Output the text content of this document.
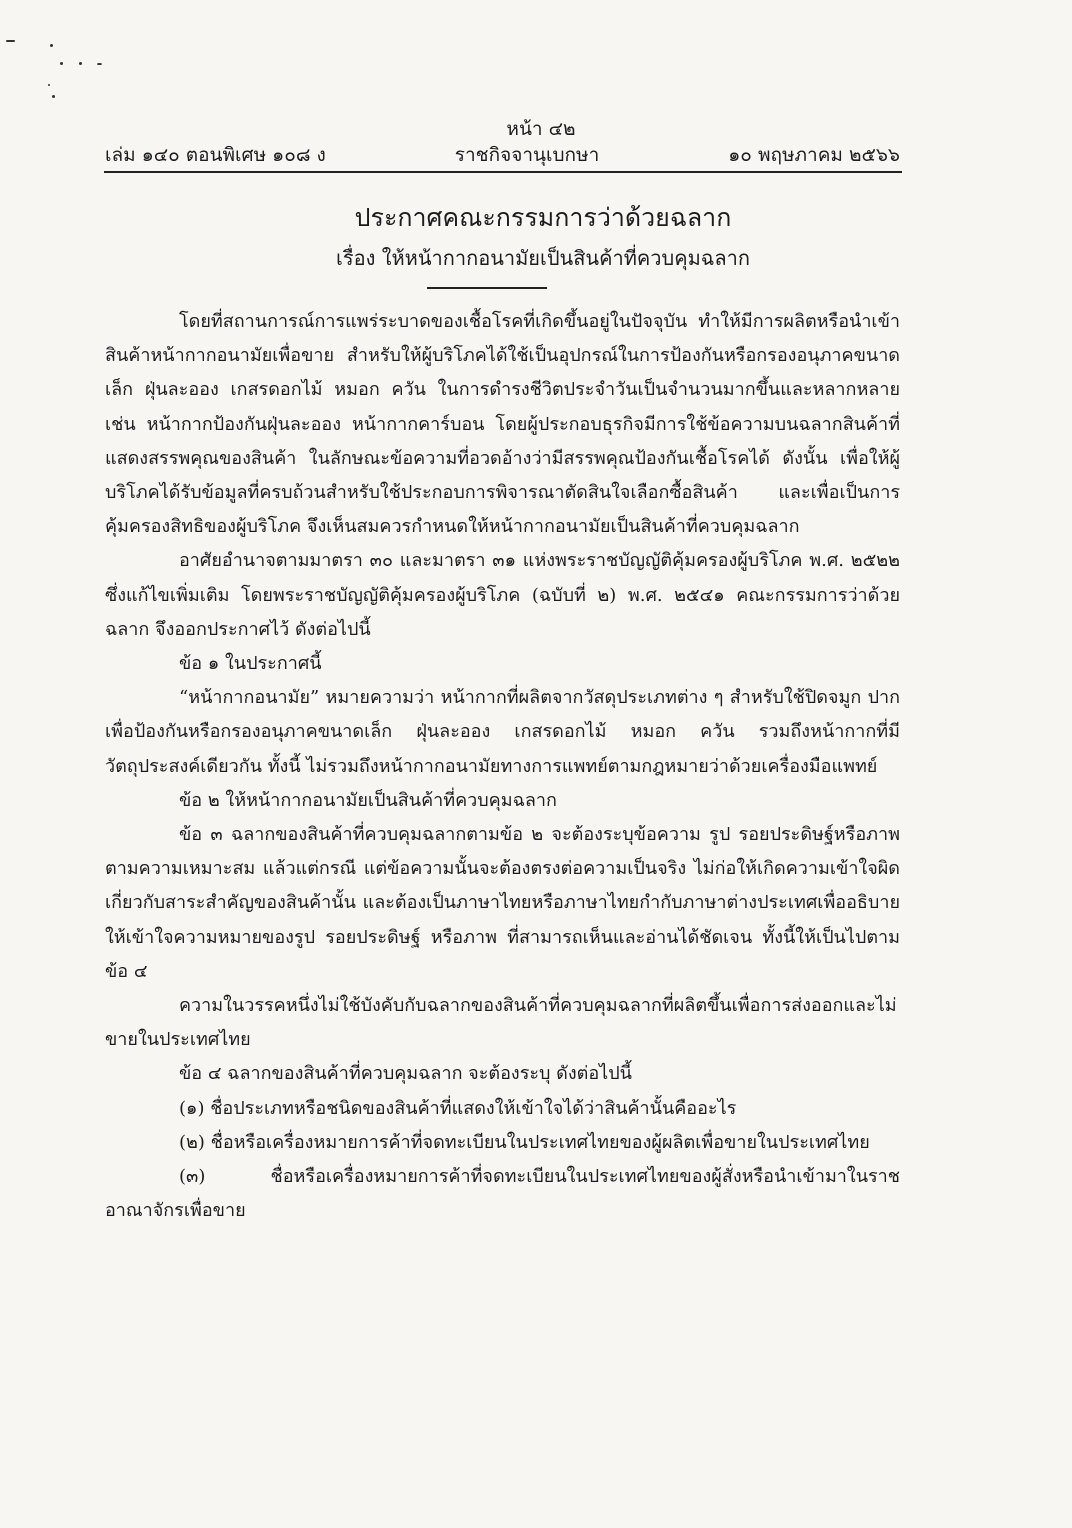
หน้า ๔๒
เล่ม ๑๔๐ ตอนพิเศษ ๑๐๘ ง	ราชกิจจานุเบกษา	๑๐ พฤษภาคม ๒๕๖๖
ประกาศคณะกรรมการว่าด้วยฉลาก
เรื่อง ให้หน้ากากอนามัยเป็นสินค้าที่ควบคุมฉลาก

โดยที่สถานการณ์การแพร่ระบาดของเชื้อโรคที่เกิดขึ้นอยู่ในปัจจุบัน ทำให้มีการผลิตหรือนำเข้าสินค้าหน้ากากอนามัยเพื่อขาย สำหรับให้ผู้บริโภคได้ใช้เป็นอุปกรณ์ในการป้องกันหรือกรองอนุภาคขนาดเล็ก ฝุ่นละออง เกสรดอกไม้ หมอก ควัน ในการดำรงชีวิตประจำวันเป็นจำนวนมากขึ้นและหลากหลาย เช่น หน้ากากป้องกันฝุ่นละออง หน้ากากคาร์บอน โดยผู้ประกอบธุรกิจมีการใช้ข้อความบนฉลากสินค้าที่แสดงสรรพคุณของสินค้า ในลักษณะข้อความที่อวดอ้างว่ามีสรรพคุณป้องกันเชื้อโรคได้ ดังนั้น เพื่อให้ผู้บริโภคได้รับข้อมูลที่ครบถ้วนสำหรับใช้ประกอบการพิจารณาตัดสินใจเลือกซื้อสินค้า และเพื่อเป็นการคุ้มครองสิทธิของผู้บริโภค จึงเห็นสมควรกำหนดให้หน้ากากอนามัยเป็นสินค้าที่ควบคุมฉลาก

อาศัยอำนาจตามมาตรา ๓๐ และมาตรา ๓๑ แห่งพระราชบัญญัติคุ้มครองผู้บริโภค พ.ศ. ๒๕๒๒ ซึ่งแก้ไขเพิ่มเติม โดยพระราชบัญญัติคุ้มครองผู้บริโภค (ฉบับที่ ๒) พ.ศ. ๒๕๔๑ คณะกรรมการว่าด้วยฉลาก จึงออกประกาศไว้ ดังต่อไปนี้

ข้อ ๑ ในประกาศนี้

“หน้ากากอนามัย” หมายความว่า หน้ากากที่ผลิตจากวัสดุประเภทต่าง ๆ สำหรับใช้ปิดจมูก ปาก เพื่อป้องกันหรือกรองอนุภาคขนาดเล็ก ฝุ่นละออง เกสรดอกไม้ หมอก ควัน รวมถึงหน้ากากที่มีวัตถุประสงค์เดียวกัน ทั้งนี้ ไม่รวมถึงหน้ากากอนามัยทางการแพทย์ตามกฎหมายว่าด้วยเครื่องมือแพทย์

ข้อ ๒ ให้หน้ากากอนามัยเป็นสินค้าที่ควบคุมฉลาก

ข้อ ๓ ฉลากของสินค้าที่ควบคุมฉลากตามข้อ ๒ จะต้องระบุข้อความ รูป รอยประดิษฐ์หรือภาพตามความเหมาะสม แล้วแต่กรณี แต่ข้อความนั้นจะต้องตรงต่อความเป็นจริง ไม่ก่อให้เกิดความเข้าใจผิดเกี่ยวกับสาระสำคัญของสินค้านั้น และต้องเป็นภาษาไทยหรือภาษาไทยกำกับภาษาต่างประเทศเพื่ออธิบายให้เข้าใจความหมายของรูป รอยประดิษฐ์ หรือภาพ ที่สามารถเห็นและอ่านได้ชัดเจน ทั้งนี้ให้เป็นไปตามข้อ ๔

ความในวรรคหนึ่งไม่ใช้บังคับกับฉลากของสินค้าที่ควบคุมฉลากที่ผลิตขึ้นเพื่อการส่งออกและไม่ขายในประเทศไทย

ข้อ ๔ ฉลากของสินค้าที่ควบคุมฉลาก จะต้องระบุ ดังต่อไปนี้

(๑) ชื่อประเภทหรือชนิดของสินค้าที่แสดงให้เข้าใจได้ว่าสินค้านั้นคืออะไร

(๒) ชื่อหรือเครื่องหมายการค้าที่จดทะเบียนในประเทศไทยของผู้ผลิตเพื่อขายในประเทศไทย

(๓) ชื่อหรือเครื่องหมายการค้าที่จดทะเบียนในประเทศไทยของผู้สั่งหรือนำเข้ามาในราชอาณาจักรเพื่อขาย
